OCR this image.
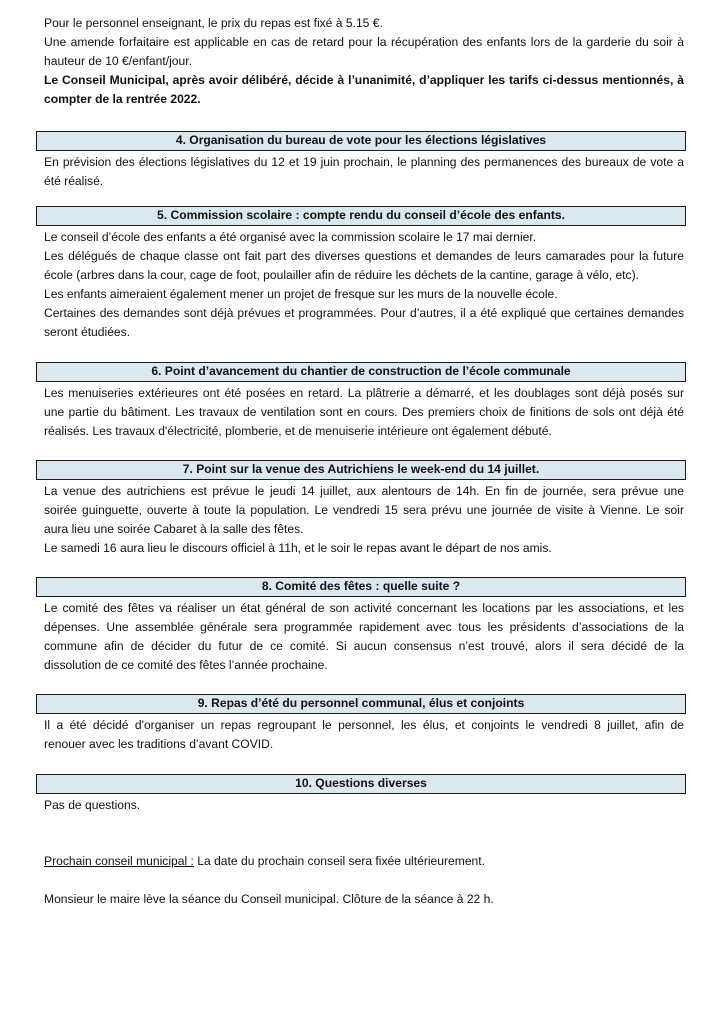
Pour le personnel enseignant, le prix du repas est fixé à 5.15 €.
Une amende forfaitaire est applicable en cas de retard pour la récupération des enfants lors de la garderie du soir à
hauteur de 10 €/enfant/jour.
Le Conseil Municipal, après avoir délibéré, décide à l’unanimité, d’appliquer les tarifs ci-dessus mentionnés, à
compter de la rentrée 2022.
4. Organisation du bureau de vote pour les élections législatives
En prévision des élections législatives du 12 et 19 juin prochain, le planning des permanences des bureaux de vote a
été réalisé.
5. Commission scolaire : compte rendu du conseil d’école des enfants.
Le conseil d’école des enfants a été organisé avec la commission scolaire le 17 mai dernier.
Les délégués de chaque classe ont fait part des diverses questions et demandes de leurs camarades pour la future
école (arbres dans la cour, cage de foot, poulailler afin de réduire les déchets de la cantine, garage à vélo, etc).
Les enfants aimeraient également mener un projet de fresque sur les murs de la nouvelle école.
Certaines des demandes sont déjà prévues et programmées. Pour d’autres, il a été expliqué que certaines demandes
seront étudiées.
6. Point d’avancement du chantier de construction de l’école communale
Les menuiseries extérieures ont été posées en retard. La plâtrerie a démarré, et les doublages sont déjà posés sur
une partie du bâtiment. Les travaux de ventilation sont en cours. Des premiers choix de finitions de sols ont déjà été
réalisés. Les travaux d'électricité, plomberie, et de menuiserie intérieure ont également débuté.
7. Point sur la venue des Autrichiens le week-end du 14 juillet.
La venue des autrichiens est prévue le jeudi 14 juillet, aux alentours de 14h. En fin de journée, sera prévue une
soirée guinguette, ouverte à toute la population. Le vendredi 15 sera prévu une journée de visite à Vienne. Le soir
aura lieu une soirée Cabaret à la salle des fêtes.
Le samedi 16 aura lieu le discours officiel à 11h, et le soir le repas avant le départ de nos amis.
8. Comité des fêtes : quelle suite ?
Le comité des fêtes va réaliser un état général de son activité concernant les locations par les associations, et les
dépenses. Une assemblée générale sera programmée rapidement avec tous les présidents d’associations de la
commune afin de décider du futur de ce comité. Si aucun consensus n’est trouvé, alors il sera décidé de la
dissolution de ce comité des fêtes l’année prochaine.
9. Repas d’été du personnel communal, élus et conjoints
Il a été décidé d'organiser un repas regroupant le personnel, les élus, et conjoints le vendredi 8 juillet, afin de
renouer avec les traditions d’avant COVID.
10. Questions diverses
Pas de questions.
Prochain conseil municipal : La date du prochain conseil sera fixée ultérieurement.
Monsieur le maire lève la séance du Conseil municipal. Clôture de la séance à 22 h.
